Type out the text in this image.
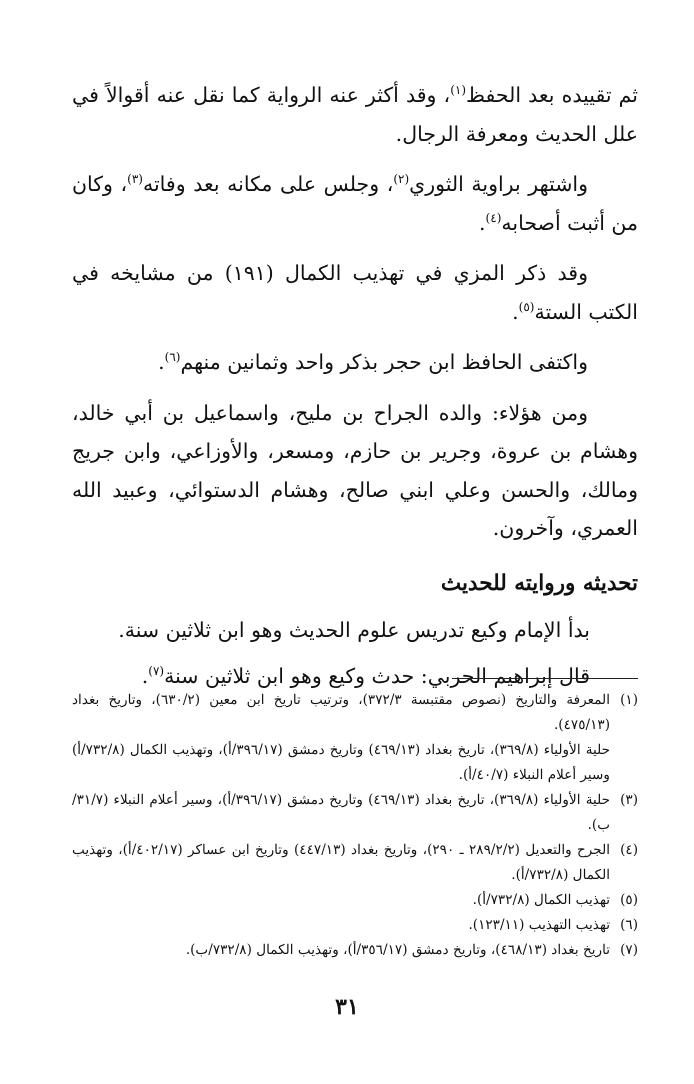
ثم تقييده بعد الحفظ$^{(١)}$، وقد أكثر عنه الرواية كما نقل عنه أقوالاً في علل الحديث ومعرفة الرجال.

واشتهر براوية الثوري$^{(٢)}$، وجلس على مكانه بعد وفاته$^{(٣)}$، وكان من أثبت أصحابه$^{(٤)}$.

وقد ذكر المزي في تهذيب الكمال (١٩١) من مشايخه في الكتب الستة$^{(٥)}$.

واكتفى الحافظ ابن حجر بذكر واحد وثمانين منهم$^{(٦)}$.

ومن هؤلاء: والده الجراح بن مليح، واسماعيل بن أبي خالد، وهشام بن عروة، وجرير بن حازم، ومسعر، والأوزاعي، وابن جريج ومالك، والحسن وعلي ابني صالح، وهشام الدستوائي، وعبيد الله العمري، وآخرون.

تحديثه وروايته للحديث

بدأ الإمام وكيع تدريس علوم الحديث وهو ابن ثلاثين سنة.

قال إبراهيم الحربي: حدث وكيع وهو ابن ثلاثين سنة$^{(٧)}$.

(١)
المعرفة والتاريخ (نصوص مقتبسة ٣٧٢/٣)، وترتيب تاريخ ابن معين (٦٣٠/٢)، وتاريخ بغداد (٤٧٥/١٣).
حلية الأولياء (٣٦٩/٨)، تاريخ بغداد (٤٦٩/١٣) وتاريخ دمشق (٣٩٦/١٧/أ)، وتهذيب الكمال (٧٣٢/٨/أ) وسير أعلام النبلاء (٤٠/٧/أ).
(٣)
حلية الأولياء (٣٦٩/٨)، تاريخ بغداد (٤٦٩/١٣) وتاريخ دمشق (٣٩٦/١٧/أ)، وسير أعلام النبلاء (٣١/٧/ب).
(٤)
الجرح والتعديل (٢٨٩/٢/٢ ـ ٢٩٠)، وتاريخ بغداد (٤٤٧/١٣) وتاريخ ابن عساكر (٤٠٢/١٧/أ)، وتهذيب الكمال (٧٣٢/٨/أ).
(٥)
تهذيب الكمال (٧٣٢/٨/أ).
(٦)
تهذيب التهذيب (١٢٣/١١).
(٧)
تاريخ بغداد (٤٦٨/١٣)، وتاريخ دمشق (٣٥٦/١٧/أ)، وتهذيب الكمال (٧٣٢/٨/ب).
٣١
